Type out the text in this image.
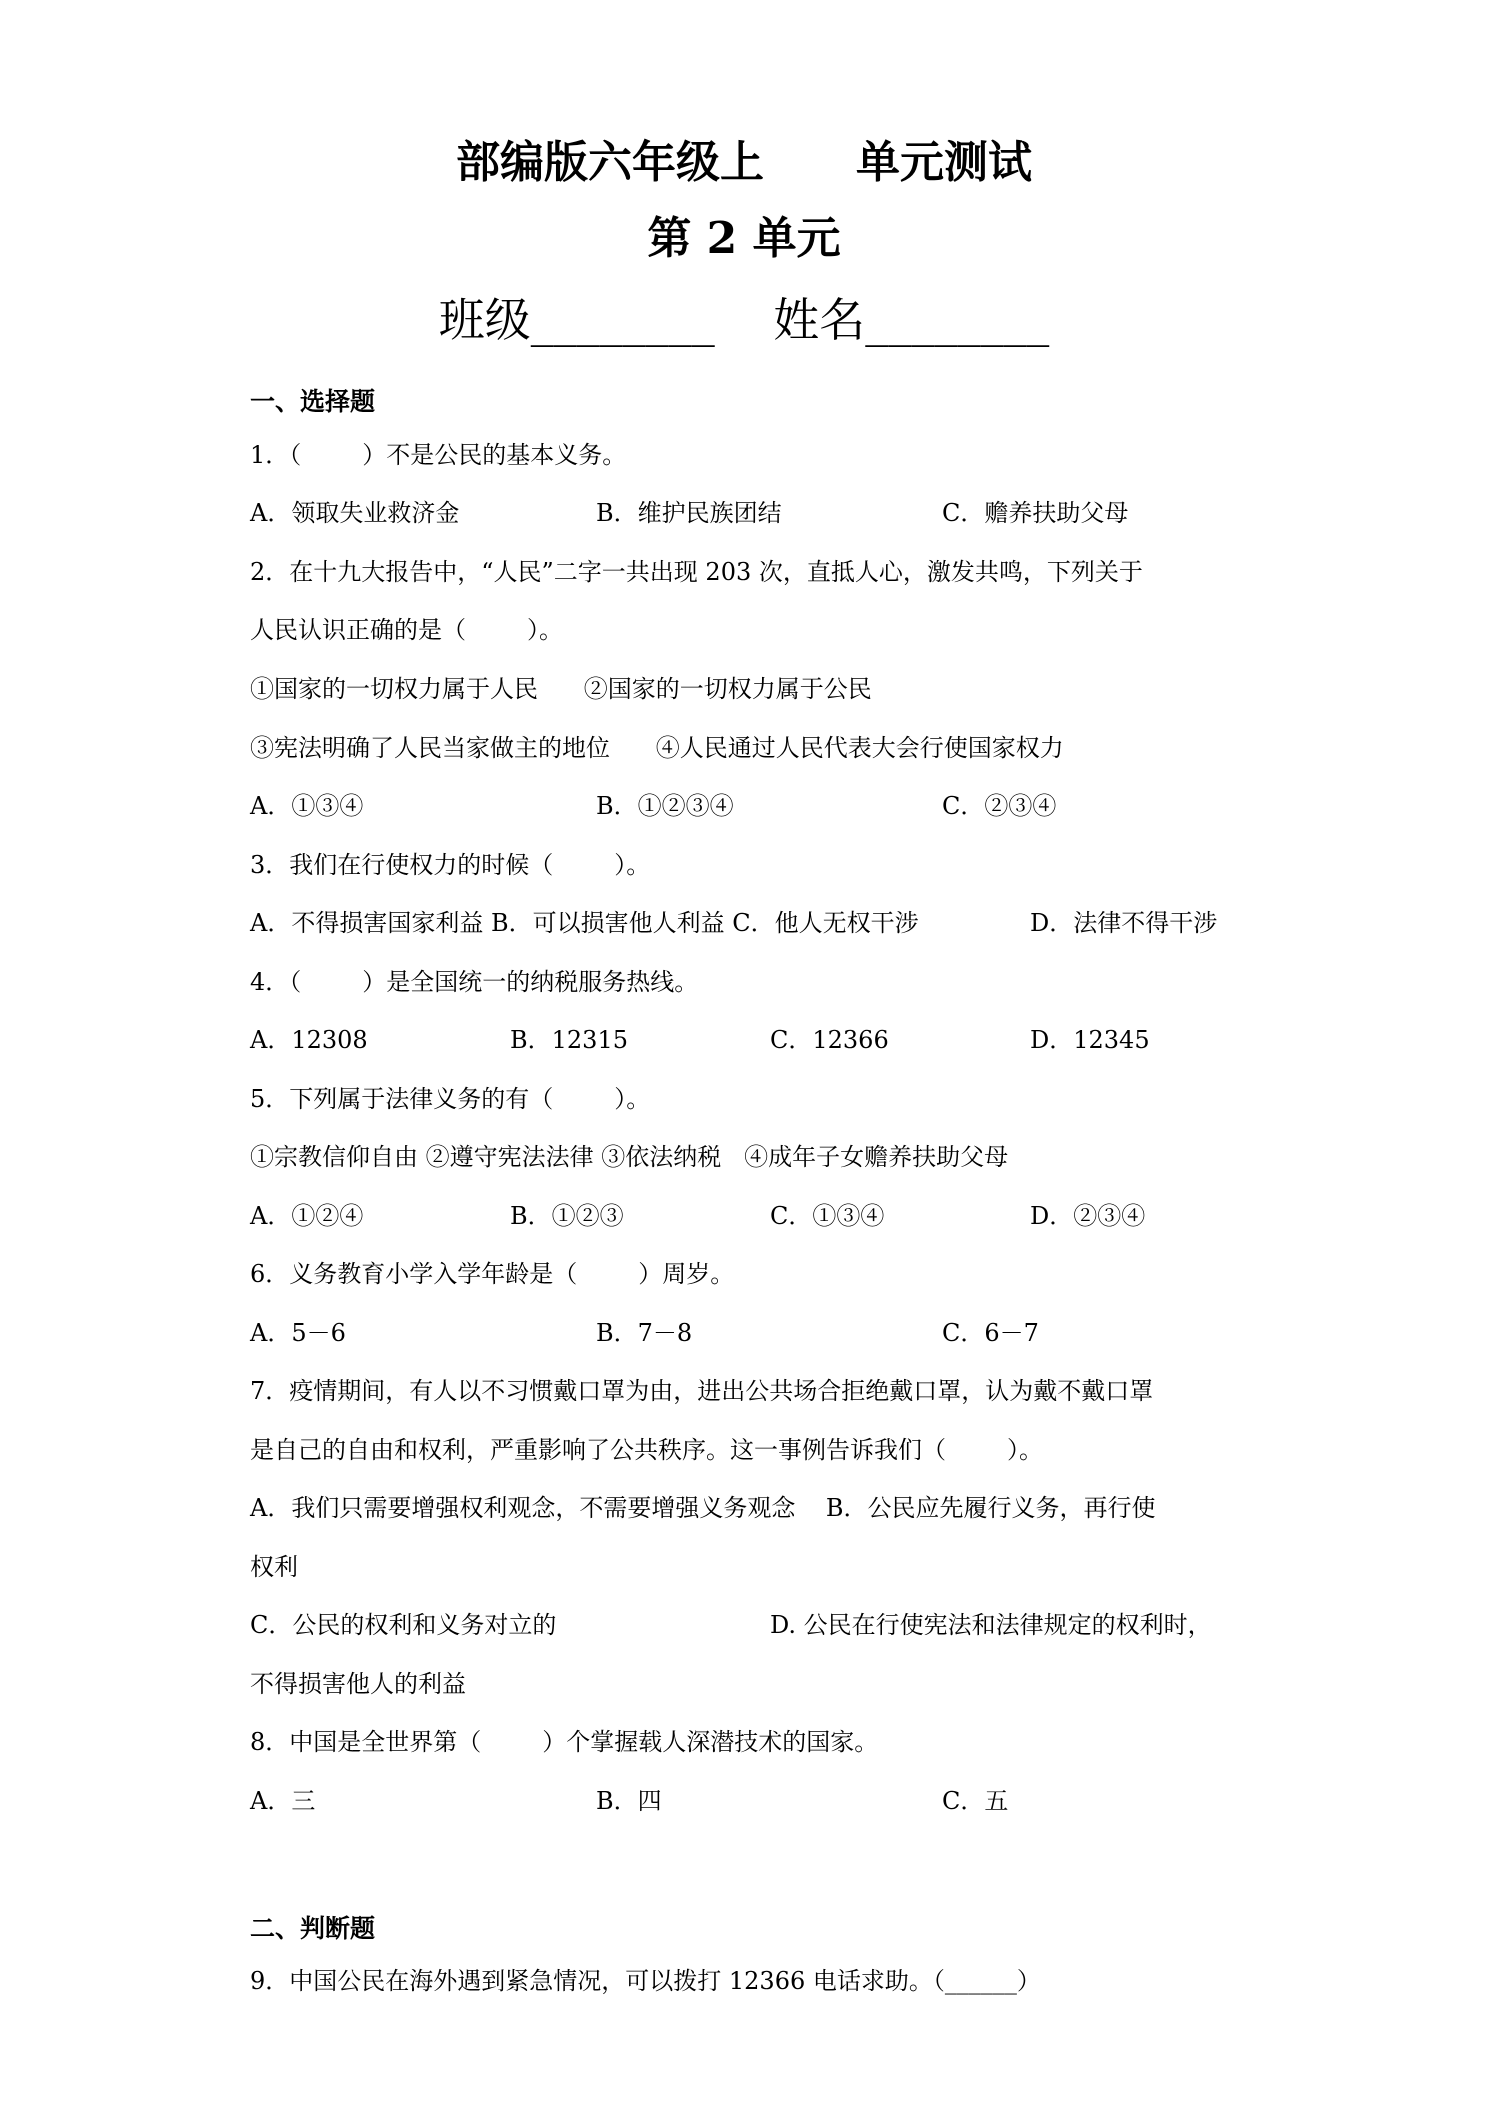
部编版六年级上      单元测试
第 2 单元
班级________    姓名________
一、选择题
1．（        ）不是公民的基本义务。
A．领取失业救济金	B．维护民族团结	C．赡养扶助父母
2．在十九大报告中，“人民”二字一共出现 203 次，直抵人心，激发共鸣，下列关于
人民认识正确的是（        ）。
①国家的一切权力属于人民      ②国家的一切权力属于公民
③宪法明确了人民当家做主的地位      ④人民通过人民代表大会行使国家权力
A．①③④	B．①②③④	C．②③④
3．我们在行使权力的时候（        ）。
A．不得损害国家利益 B．可以损害他人利益 C．他人无权干涉	D．法律不得干涉
4．（        ）是全国统一的纳税服务热线。
A．12308	B．12315	C．12366	D．12345
5．下列属于法律义务的有（        ）。
①宗教信仰自由 ②遵守宪法法律 ③依法纳税   ④成年子女赡养扶助父母
A．①②④	B．①②③	C．①③④	D．②③④
6．义务教育小学入学年龄是（        ）周岁。
A．5－6	B．7－8	C．6－7
7．疫情期间，有人以不习惯戴口罩为由，进出公共场合拒绝戴口罩，认为戴不戴口罩
是自己的自由和权利，严重影响了公共秩序。这一事例告诉我们（        ）。
A．我们只需要增强权利观念，不需要增强义务观念    B．公民应先履行义务，再行使
权利
C．公民的权利和义务对立的	D. 公民在行使宪法和法律规定的权利时，
不得损害他人的利益
8．中国是全世界第（        ）个掌握载人深潜技术的国家。
A．三	B．四	C．五
二、判断题
9．中国公民在海外遇到紧急情况，可以拨打 12366 电话求助。（______）
